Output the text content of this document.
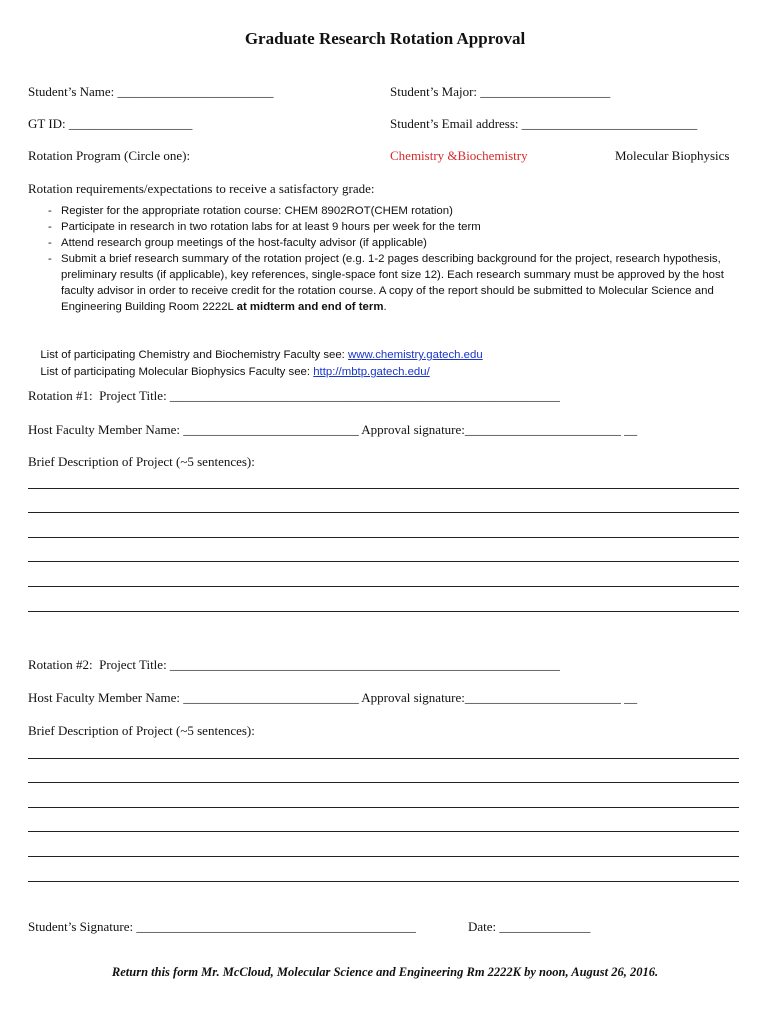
Graduate Research Rotation Approval
Student’s Name: ________________________	Student’s Major: ____________________
GT ID: ___________________	Student’s Email address: ___________________________
Rotation Program (Circle one):	Chemistry &Biochemistry	Molecular Biophysics
Rotation requirements/expectations to receive a satisfactory grade:
- Register for the appropriate rotation course: CHEM 8902ROT(CHEM rotation)
- Participate in research in two rotation labs for at least 9 hours per week for the term
- Attend research group meetings of the host-faculty advisor (if applicable)
- Submit a brief research summary of the rotation project (e.g. 1-2 pages describing background for the project, research hypothesis, preliminary results (if applicable), key references, single-space font size 12). Each research summary must be approved by the host faculty advisor in order to receive credit for the rotation course. A copy of the report should be submitted to Molecular Science and Engineering Building Room 2222L at midterm and end of term.

List of participating Chemistry and Biochemistry Faculty see: www.chemistry.gatech.edu

List of participating Molecular Biophysics Faculty see: http://mbtp.gatech.edu/

Rotation #1:  Project Title: ____________________________________________________________
Host Faculty Member Name: ___________________________ Approval signature:________________________ __
Brief Description of Project (~5 sentences):
Rotation #2:  Project Title: ____________________________________________________________
Host Faculty Member Name: ___________________________ Approval signature:________________________ __
Brief Description of Project (~5 sentences):
Student’s Signature: ___________________________________________	Date: ______________
Return this form Mr. McCloud, Molecular Science and Engineering Rm 2222K by noon, August 26, 2016.
